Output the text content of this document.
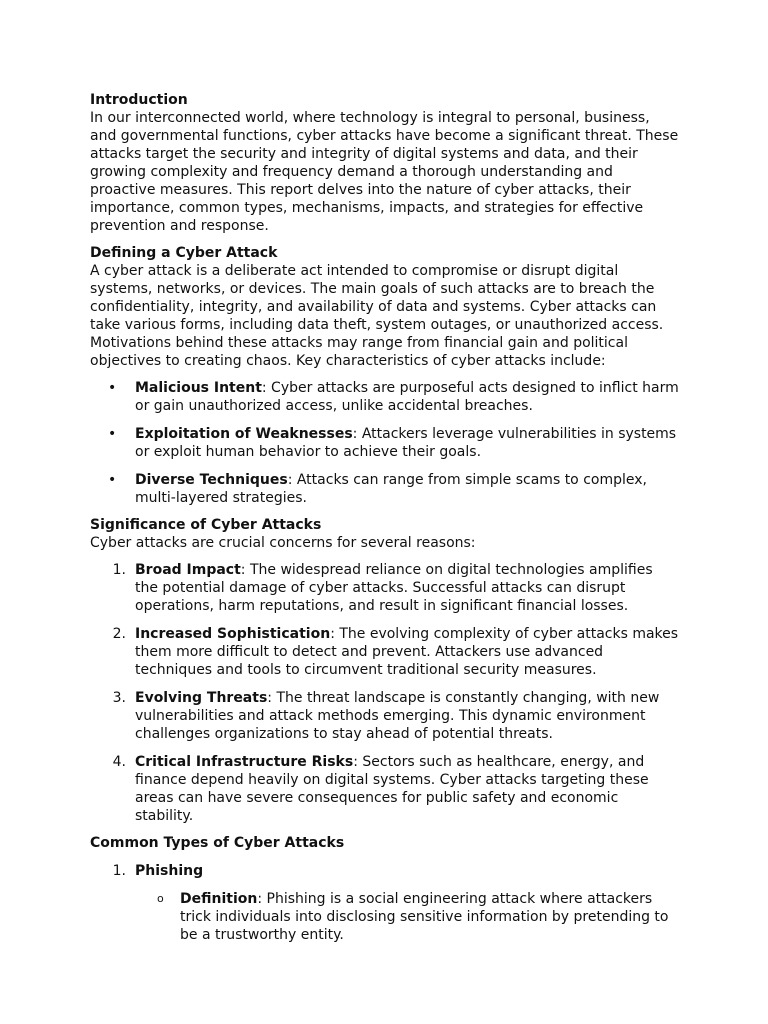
Introduction

In our interconnected world, where technology is integral to personal, business, and governmental functions, cyber attacks have become a significant threat. These attacks target the security and integrity of digital systems and data, and their growing complexity and frequency demand a thorough understanding and proactive measures. This report delves into the nature of cyber attacks, their importance, common types, mechanisms, impacts, and strategies for effective prevention and response.

Defining a Cyber Attack

A cyber attack is a deliberate act intended to compromise or disrupt digital systems, networks, or devices. The main goals of such attacks are to breach the confidentiality, integrity, and availability of data and systems. Cyber attacks can take various forms, including data theft, system outages, or unauthorized access. Motivations behind these attacks may range from financial gain and political objectives to creating chaos. Key characteristics of cyber attacks include:

• Malicious Intent: Cyber attacks are purposeful acts designed to inflict harm or gain unauthorized access, unlike accidental breaches.
• Exploitation of Weaknesses: Attackers leverage vulnerabilities in systems or exploit human behavior to achieve their goals.
• Diverse Techniques: Attacks can range from simple scams to complex, multi-layered strategies.

Significance of Cyber Attacks

Cyber attacks are crucial concerns for several reasons:

1. Broad Impact: The widespread reliance on digital technologies amplifies the potential damage of cyber attacks. Successful attacks can disrupt operations, harm reputations, and result in significant financial losses.
2. Increased Sophistication: The evolving complexity of cyber attacks makes them more difficult to detect and prevent. Attackers use advanced techniques and tools to circumvent traditional security measures.
3. Evolving Threats: The threat landscape is constantly changing, with new vulnerabilities and attack methods emerging. This dynamic environment challenges organizations to stay ahead of potential threats.
4. Critical Infrastructure Risks: Sectors such as healthcare, energy, and finance depend heavily on digital systems. Cyber attacks targeting these areas can have severe consequences for public safety and economic stability.

Common Types of Cyber Attacks

1. Phishing
o Definition: Phishing is a social engineering attack where attackers trick individuals into disclosing sensitive information by pretending to be a trustworthy entity.
